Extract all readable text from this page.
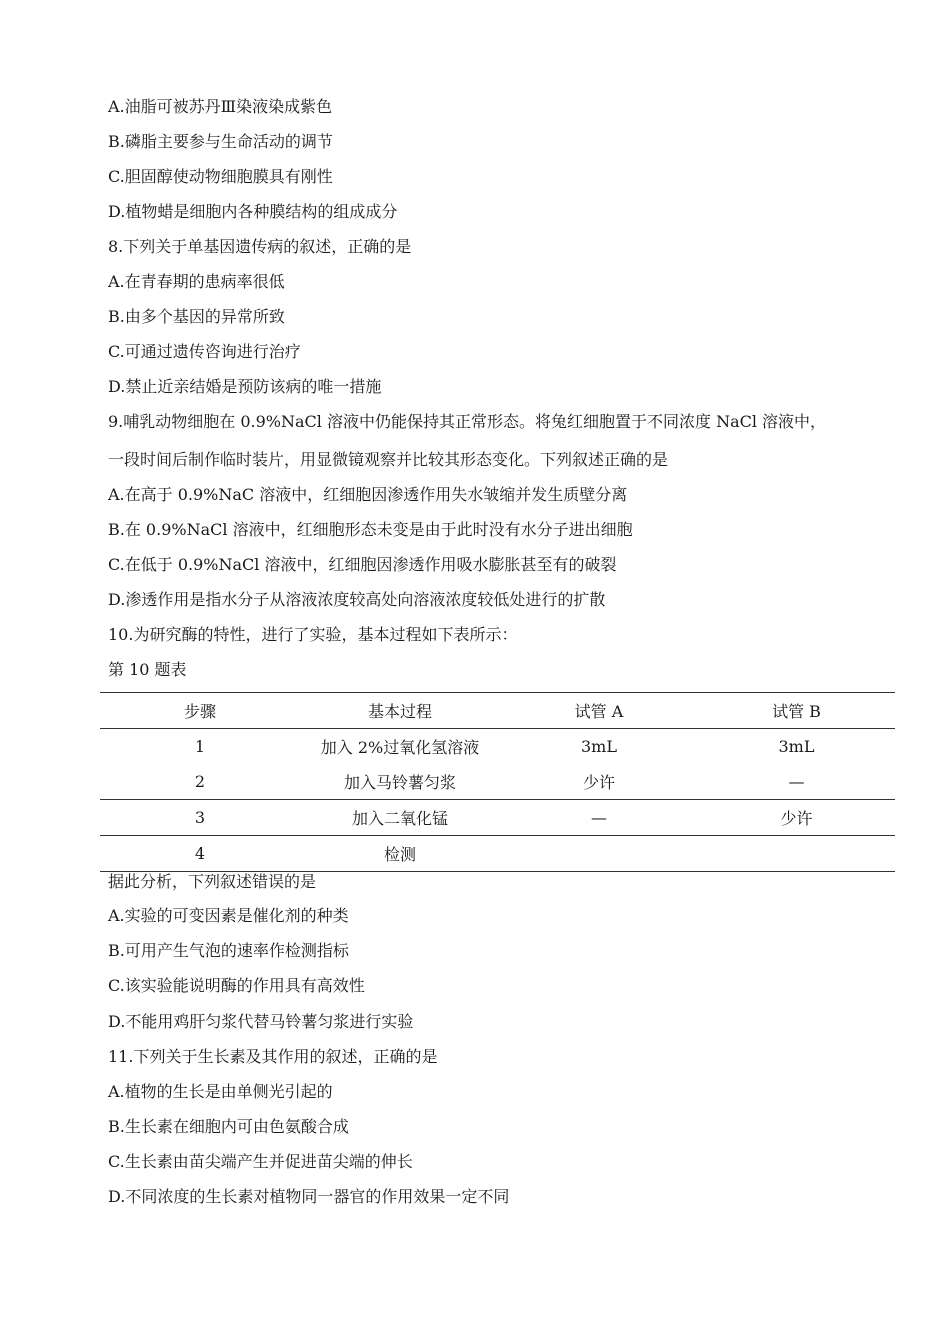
A.油脂可被苏丹Ⅲ染液染成紫色
B.磷脂主要参与生命活动的调节
C.胆固醇使动物细胞膜具有刚性
D.植物蜡是细胞内各种膜结构的组成成分
8.下列关于单基因遗传病的叙述，正确的是
A.在青春期的患病率很低
B.由多个基因的异常所致
C.可通过遗传咨询进行治疗
D.禁止近亲结婚是预防该病的唯一措施
9.哺乳动物细胞在 0.9%NaCl 溶液中仍能保持其正常形态。将兔红细胞置于不同浓度 NaCl 溶液中，
一段时间后制作临时装片，用显微镜观察并比较其形态变化。下列叙述正确的是
A.在高于 0.9%NaC 溶液中，红细胞因渗透作用失水皱缩并发生质壁分离
B.在 0.9%NaCl 溶液中，红细胞形态未变是由于此时没有水分子进出细胞
C.在低于 0.9%NaCl 溶液中，红细胞因渗透作用吸水膨胀甚至有的破裂
D.渗透作用是指水分子从溶液浓度较高处向溶液浓度较低处进行的扩散
10.为研究酶的特性，进行了实验，基本过程如下表所示：
第 10 题表
步骤	基本过程	试管 A	试管 B
1	加入 2%过氧化氢溶液	3mL	3mL
2	加入马铃薯匀浆	少许	—
3	加入二氧化锰	—	少许
4	检测		
据此分析，下列叙述错误的是
A.实验的可变因素是催化剂的种类
B.可用产生气泡的速率作检测指标
C.该实验能说明酶的作用具有高效性
D.不能用鸡肝匀浆代替马铃薯匀浆进行实验
11.下列关于生长素及其作用的叙述，正确的是
A.植物的生长是由单侧光引起的
B.生长素在细胞内可由色氨酸合成
C.生长素由苗尖端产生并促进苗尖端的伸长
D.不同浓度的生长素对植物同一器官的作用效果一定不同
